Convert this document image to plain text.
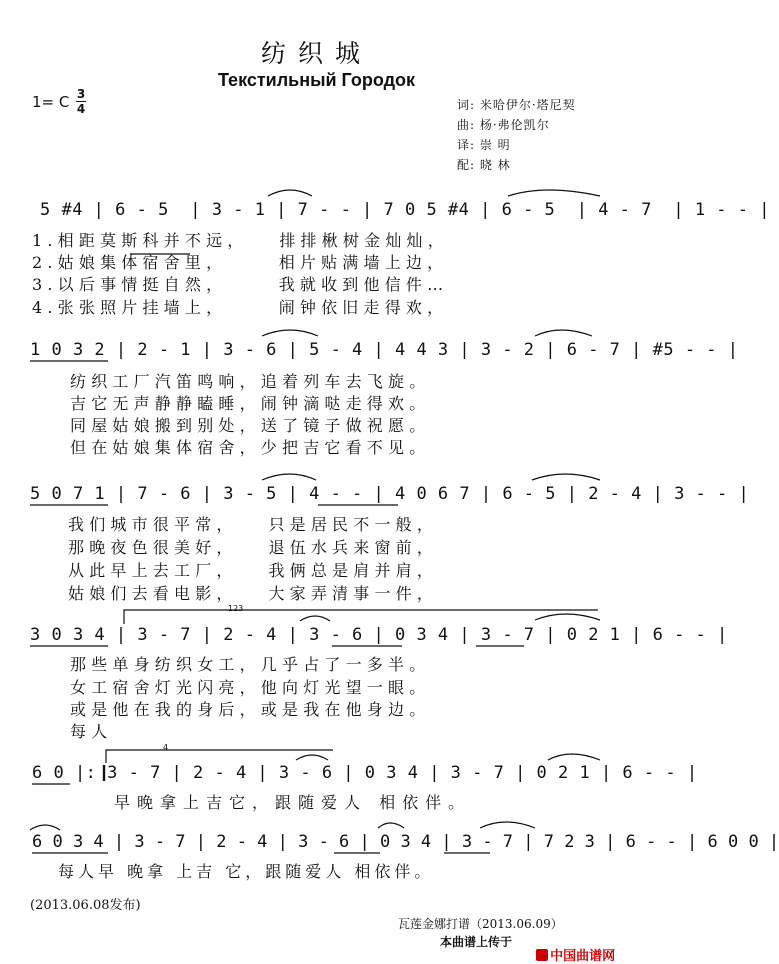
纺织城
Текстильный Городок
1= C 3
4	词: 米哈伊尔·塔尼契
曲: 杨·弗伦凯尔
译: 崇 明
配: 晓 林
5 #4 | 6 - 5  | 3 - 1 | 7 - - | 7 0 5 #4 | 6 - 5  | 4 - 7  | 1 - - |
1.相距莫斯科并不远，   排排楸树金灿灿，
2.姑娘集体宿舍里，     相片贴满墙上边，
3.以后事情挺自然，     我就收到他信件…
4.张张照片挂墙上，     闹钟依旧走得欢，
1 0 3 2 | 2 - 1 | 3 - 6 | 5 - 4 | 4 4 3 | 3 - 2 | 6 - 7 | #5 - - |
纺织工厂汽笛鸣响，追着列车去飞旋。
吉它无声静静瞌睡，闹钟滴哒走得欢。
同屋姑娘搬到别处，送了镜子做祝愿。
但在姑娘集体宿舍，少把吉它看不见。
5 0 7 1 | 7 - 6 | 3 - 5 | 4 - - | 4 0 6 7 | 6 - 5 | 2 - 4 | 3 - - |
我们城市很平常，   只是居民不一般，
那晚夜色很美好，   退伍水兵来窗前，
从此早上去工厂，   我俩总是肩并肩，
姑娘们去看电影，   大家弄清事一件，
123
3 0 3 4 | 3 - 7 | 2 - 4 | 3 - 6 | 0 3 4 | 3 - 7 | 0 2 1 | 6 - - |
那些单身纺织女工，几乎占了一多半。
女工宿舍灯光闪亮，他向灯光望一眼。
或是他在我的身后，或是我在他身边。
每人
4
6 0 |: 3 - 7 | 2 - 4 | 3 - 6 | 0 3 4 | 3 - 7 | 0 2 1 | 6 - - |
早晚拿上吉它，跟随爱人 相依伴。
6 0 3 4 | 3 - 7 | 2 - 4 | 3 - 6 | 0 3 4 | 3 - 7 | 7 2 3 | 6 - - | 6 0 0 |
每人早 晚拿 上吉 它，跟随爱人 相依伴。
(2013.06.08发布)
瓦莲金娜打谱（2013.06.09）
本曲谱上传于

中国曲谱网
